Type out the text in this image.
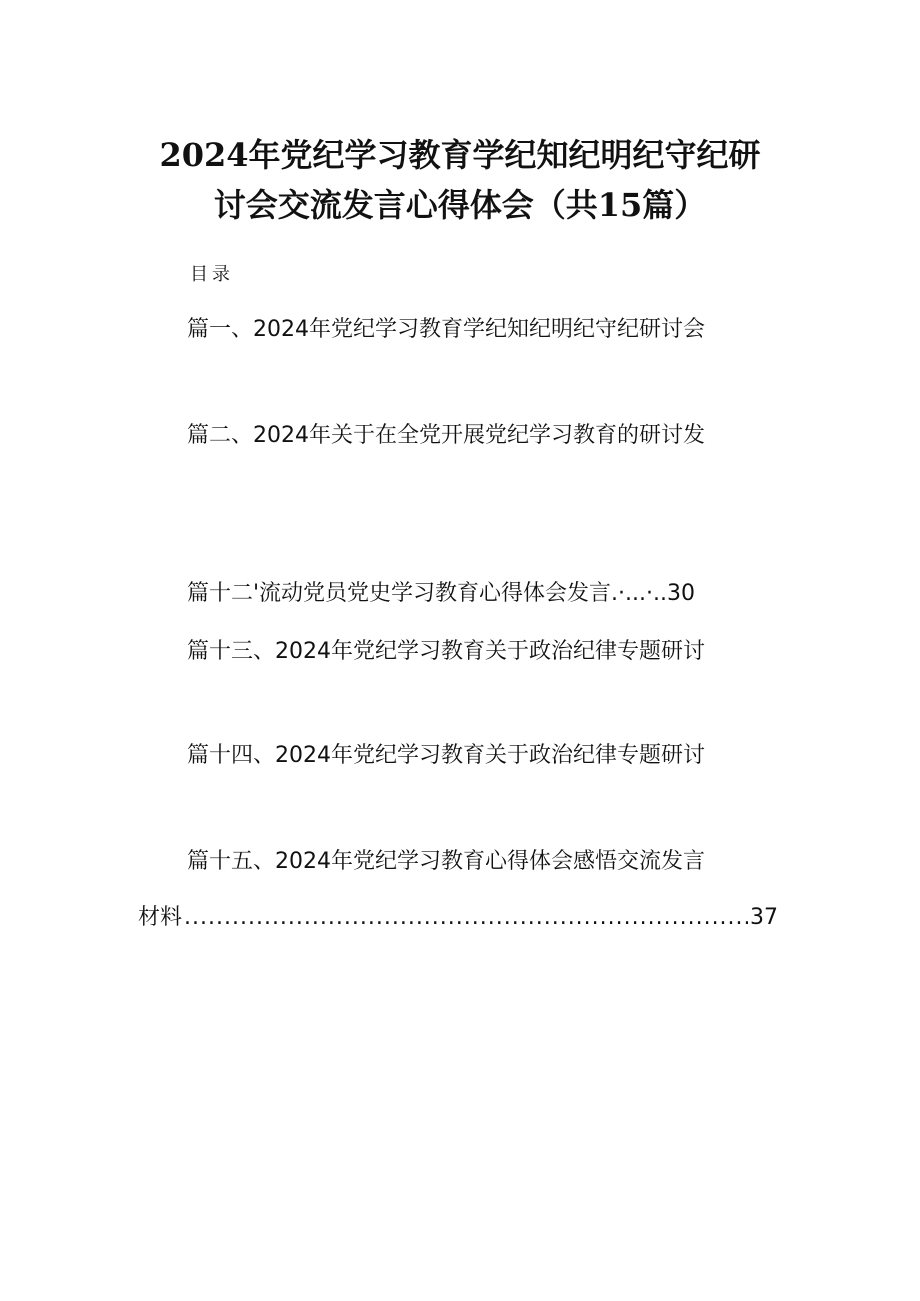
2024年党纪学习教育学纪知纪明纪守纪研
讨会交流发言心得体会（共15篇）
目录
篇一、2024年党纪学习教育学纪知纪明纪守纪研讨会
篇二、2024年关于在全党开展党纪学习教育的研讨发
篇十二'流动党员党史学习教育心得体会发言.·...·..30
篇十三、2024年党纪学习教育关于政治纪律专题研讨
篇十四、2024年党纪学习教育关于政治纪律专题研讨
篇十五、2024年党纪学习教育心得体会感悟交流发言
材料
.....	37
